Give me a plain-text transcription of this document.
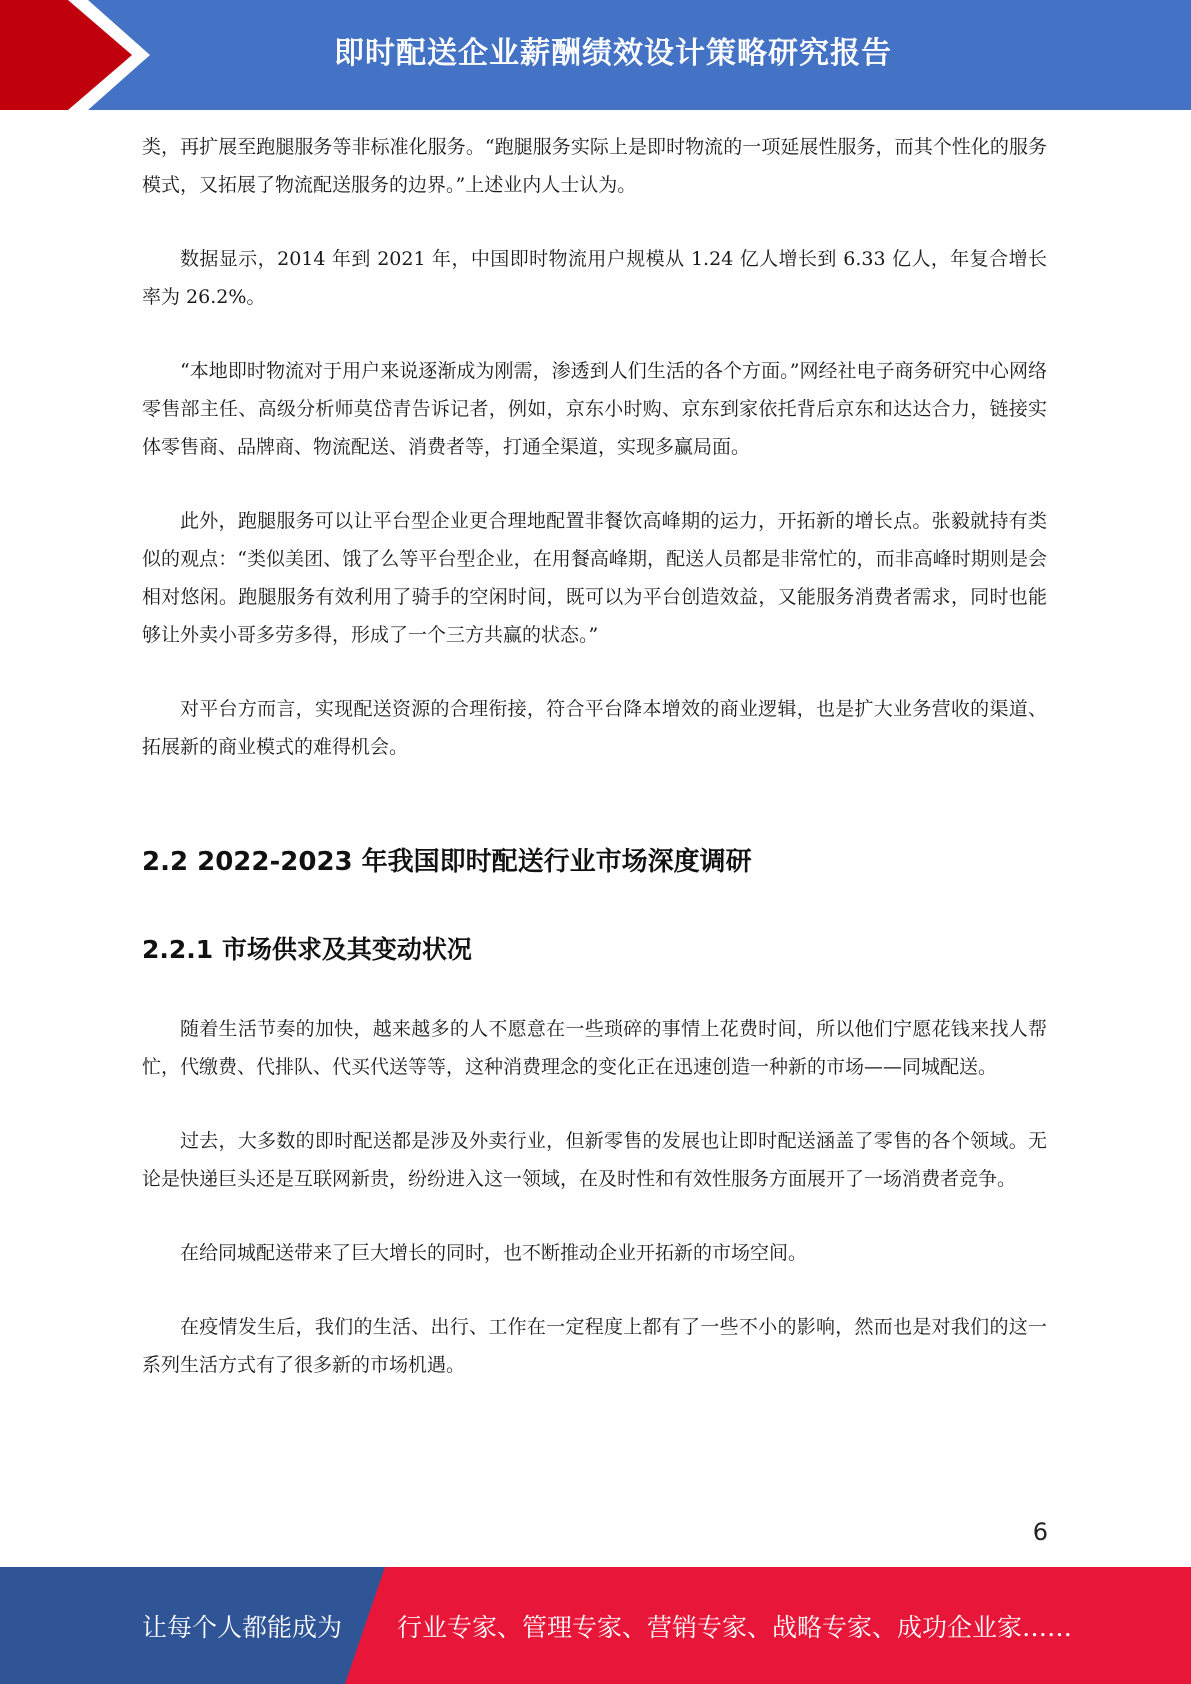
即时配送企业薪酬绩效设计策略研究报告

类，再扩展至跑腿服务等非标准化服务。“跑腿服务实际上是即时物流的一项延展性服务，而其个性化的服务模式，又拓展了物流配送服务的边界。”上述业内人士认为。

数据显示，2014 年到 2021 年，中国即时物流用户规模从 1.24 亿人增长到 6.33 亿人，年复合增长率为 26.2%。

“本地即时物流对于用户来说逐渐成为刚需，渗透到人们生活的各个方面。”网经社电子商务研究中心网络零售部主任、高级分析师莫岱青告诉记者，例如，京东小时购、京东到家依托背后京东和达达合力，链接实体零售商、品牌商、物流配送、消费者等，打通全渠道，实现多赢局面。

此外，跑腿服务可以让平台型企业更合理地配置非餐饮高峰期的运力，开拓新的增长点。张毅就持有类似的观点：“类似美团、饿了么等平台型企业，在用餐高峰期，配送人员都是非常忙的，而非高峰时期则是会相对悠闲。跑腿服务有效利用了骑手的空闲时间，既可以为平台创造效益，又能服务消费者需求，同时也能够让外卖小哥多劳多得，形成了一个三方共赢的状态。”

对平台方而言，实现配送资源的合理衔接，符合平台降本增效的商业逻辑，也是扩大业务营收的渠道、拓展新的商业模式的难得机会。

2.2 2022-2023 年我国即时配送行业市场深度调研
2.2.1 市场供求及其变动状况

随着生活节奏的加快，越来越多的人不愿意在一些琐碎的事情上花费时间，所以他们宁愿花钱来找人帮忙，代缴费、代排队、代买代送等等，这种消费理念的变化正在迅速创造一种新的市场——同城配送。

过去，大多数的即时配送都是涉及外卖行业，但新零售的发展也让即时配送涵盖了零售的各个领域。无论是快递巨头还是互联网新贵，纷纷进入这一领域，在及时性和有效性服务方面展开了一场消费者竞争。

在给同城配送带来了巨大增长的同时，也不断推动企业开拓新的市场空间。

在疫情发生后，我们的生活、出行、工作在一定程度上都有了一些不小的影响，然而也是对我们的这一系列生活方式有了很多新的市场机遇。

6
让每个人都能成为 行业专家、管理专家、营销专家、战略专家、成功企业家……
